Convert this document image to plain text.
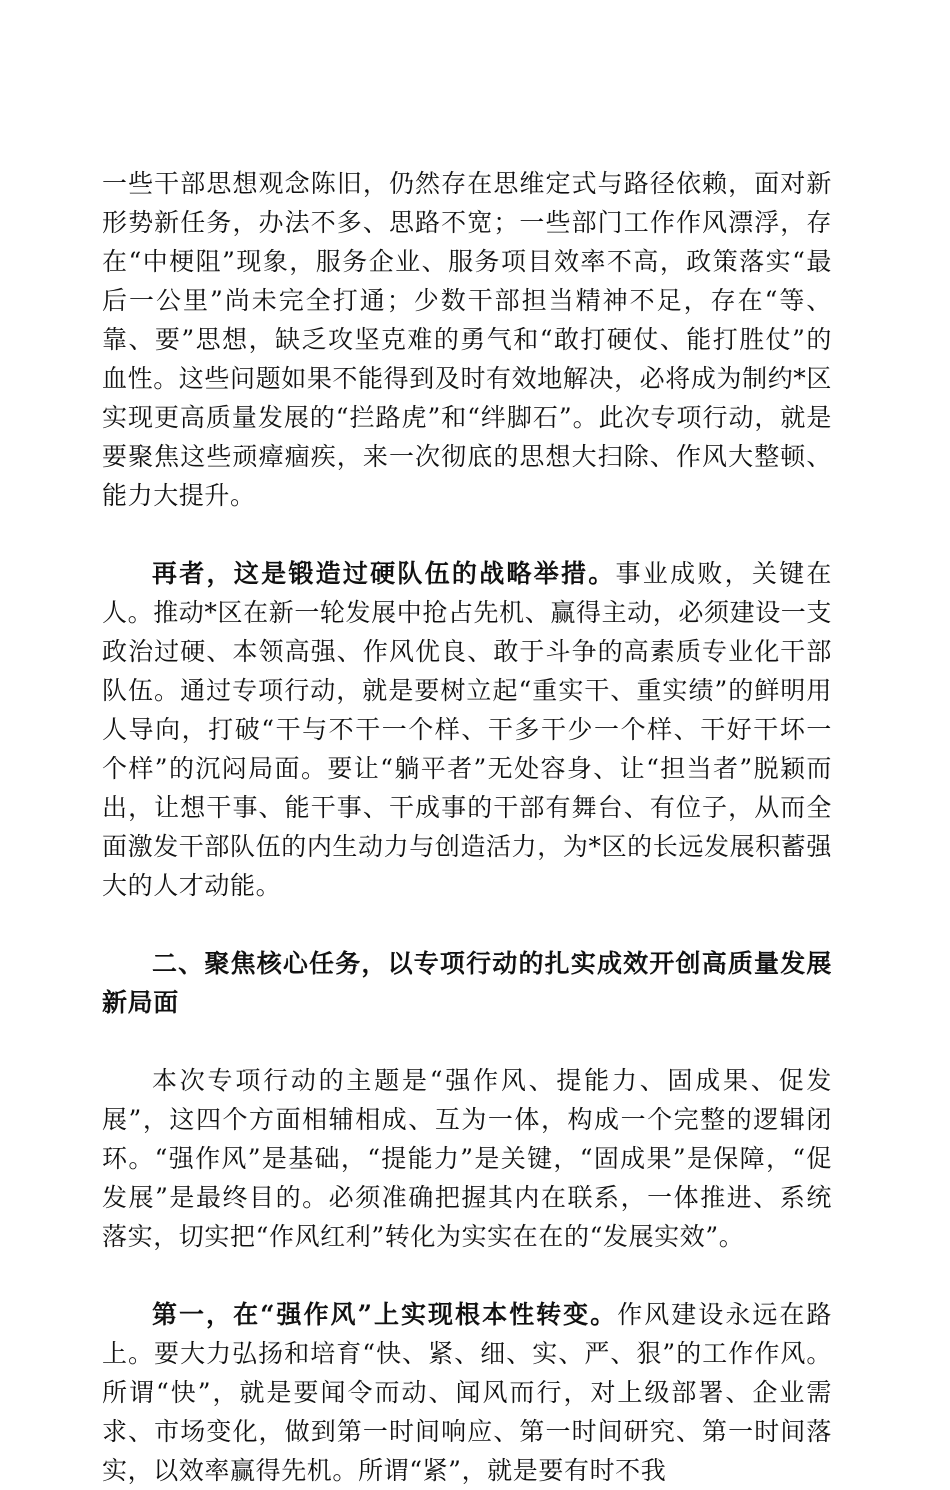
一些干部思想观念陈旧，仍然存在思维定式与路径依赖，面对新形势新任务，办法不多、思路不宽；一些部门工作作风漂浮，存在“中梗阻”现象，服务企业、服务项目效率不高，政策落实“最后一公里”尚未完全打通；少数干部担当精神不足，存在“等、靠、要”思想，缺乏攻坚克难的勇气和“敢打硬仗、能打胜仗”的血性。这些问题如果不能得到及时有效地解决，必将成为制约*区实现更高质量发展的“拦路虎”和“绊脚石”。此次专项行动，就是要聚焦这些顽瘴痼疾，来一次彻底的思想大扫除、作风大整顿、能力大提升。

再者，这是锻造过硬队伍的战略举措。事业成败，关键在人。推动*区在新一轮发展中抢占先机、赢得主动，必须建设一支政治过硬、本领高强、作风优良、敢于斗争的高素质专业化干部队伍。通过专项行动，就是要树立起“重实干、重实绩”的鲜明用人导向，打破“干与不干一个样、干多干少一个样、干好干坏一个样”的沉闷局面。要让“躺平者”无处容身、让“担当者”脱颖而出，让想干事、能干事、干成事的干部有舞台、有位子，从而全面激发干部队伍的内生动力与创造活力，为*区的长远发展积蓄强大的人才动能。

二、聚焦核心任务，以专项行动的扎实成效开创高质量发展新局面

本次专项行动的主题是“强作风、提能力、固成果、促发展”，这四个方面相辅相成、互为一体，构成一个完整的逻辑闭环。“强作风”是基础，“提能力”是关键，“固成果”是保障，“促发展”是最终目的。必须准确把握其内在联系，一体推进、系统落实，切实把“作风红利”转化为实实在在的“发展实效”。

第一，在“强作风”上实现根本性转变。作风建设永远在路上。要大力弘扬和培育“快、紧、细、实、严、狠”的工作作风。所谓“快”，就是要闻令而动、闻风而行，对上级部署、企业需求、市场变化，做到第一时间响应、第一时间研究、第一时间落实，以效率赢得先机。所谓“紧”，就是要有时不我
